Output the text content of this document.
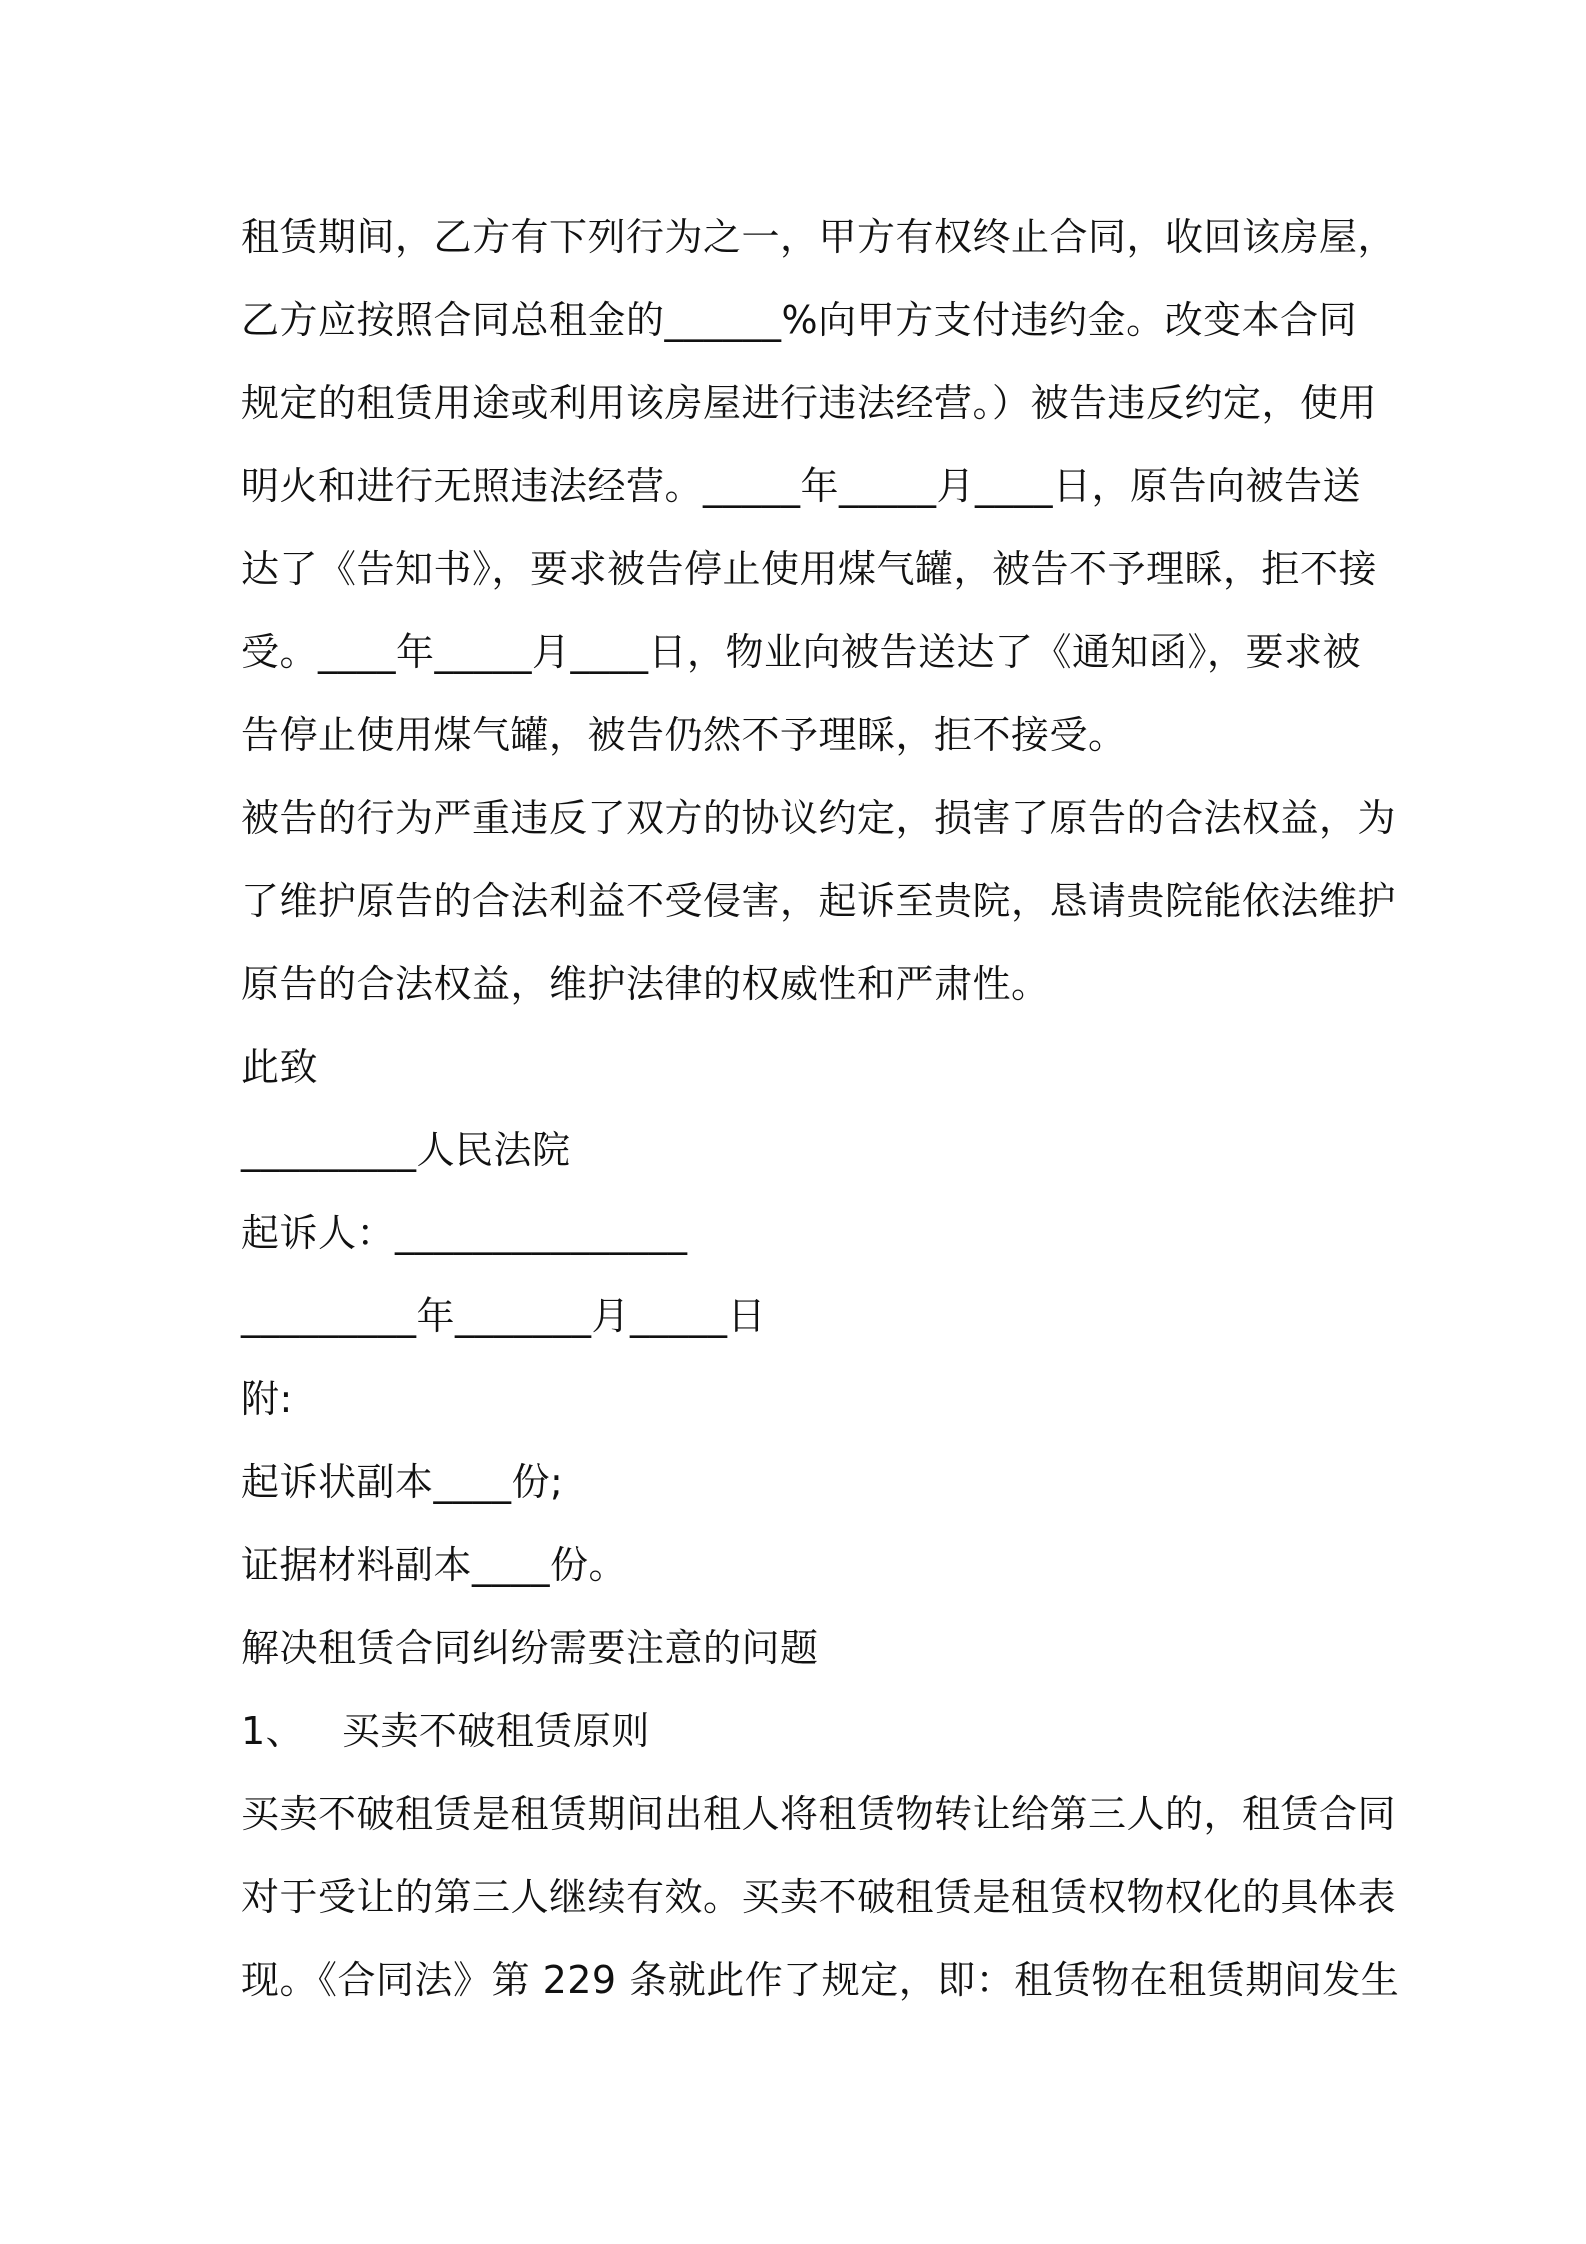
租赁期间，乙方有下列行为之一，甲方有权终止合同，收回该房屋，
乙方应按照合同总租金的______%向甲方支付违约金。改变本合同
规定的租赁用途或利用该房屋进行违法经营。）被告违反约定，使用
明火和进行无照违法经营。_____年_____月____日，原告向被告送
达了《告知书》，要求被告停止使用煤气罐，被告不予理睬，拒不接
受。____年_____月____日，物业向被告送达了《通知函》，要求被
告停止使用煤气罐，被告仍然不予理睬，拒不接受。
被告的行为严重违反了双方的协议约定，损害了原告的合法权益，为
了维护原告的合法利益不受侵害，起诉至贵院，恳请贵院能依法维护
原告的合法权益，维护法律的权威性和严肃性。
此致
_________人民法院
起诉人：_______________
_________年_______月_____日
附:
起诉状副本____份;
证据材料副本____份。
解决租赁合同纠纷需要注意的问题
1、   买卖不破租赁原则
买卖不破租赁是租赁期间出租人将租赁物转让给第三人的，租赁合同
对于受让的第三人继续有效。买卖不破租赁是租赁权物权化的具体表
现。《合同法》第 229 条就此作了规定，即：租赁物在租赁期间发生
